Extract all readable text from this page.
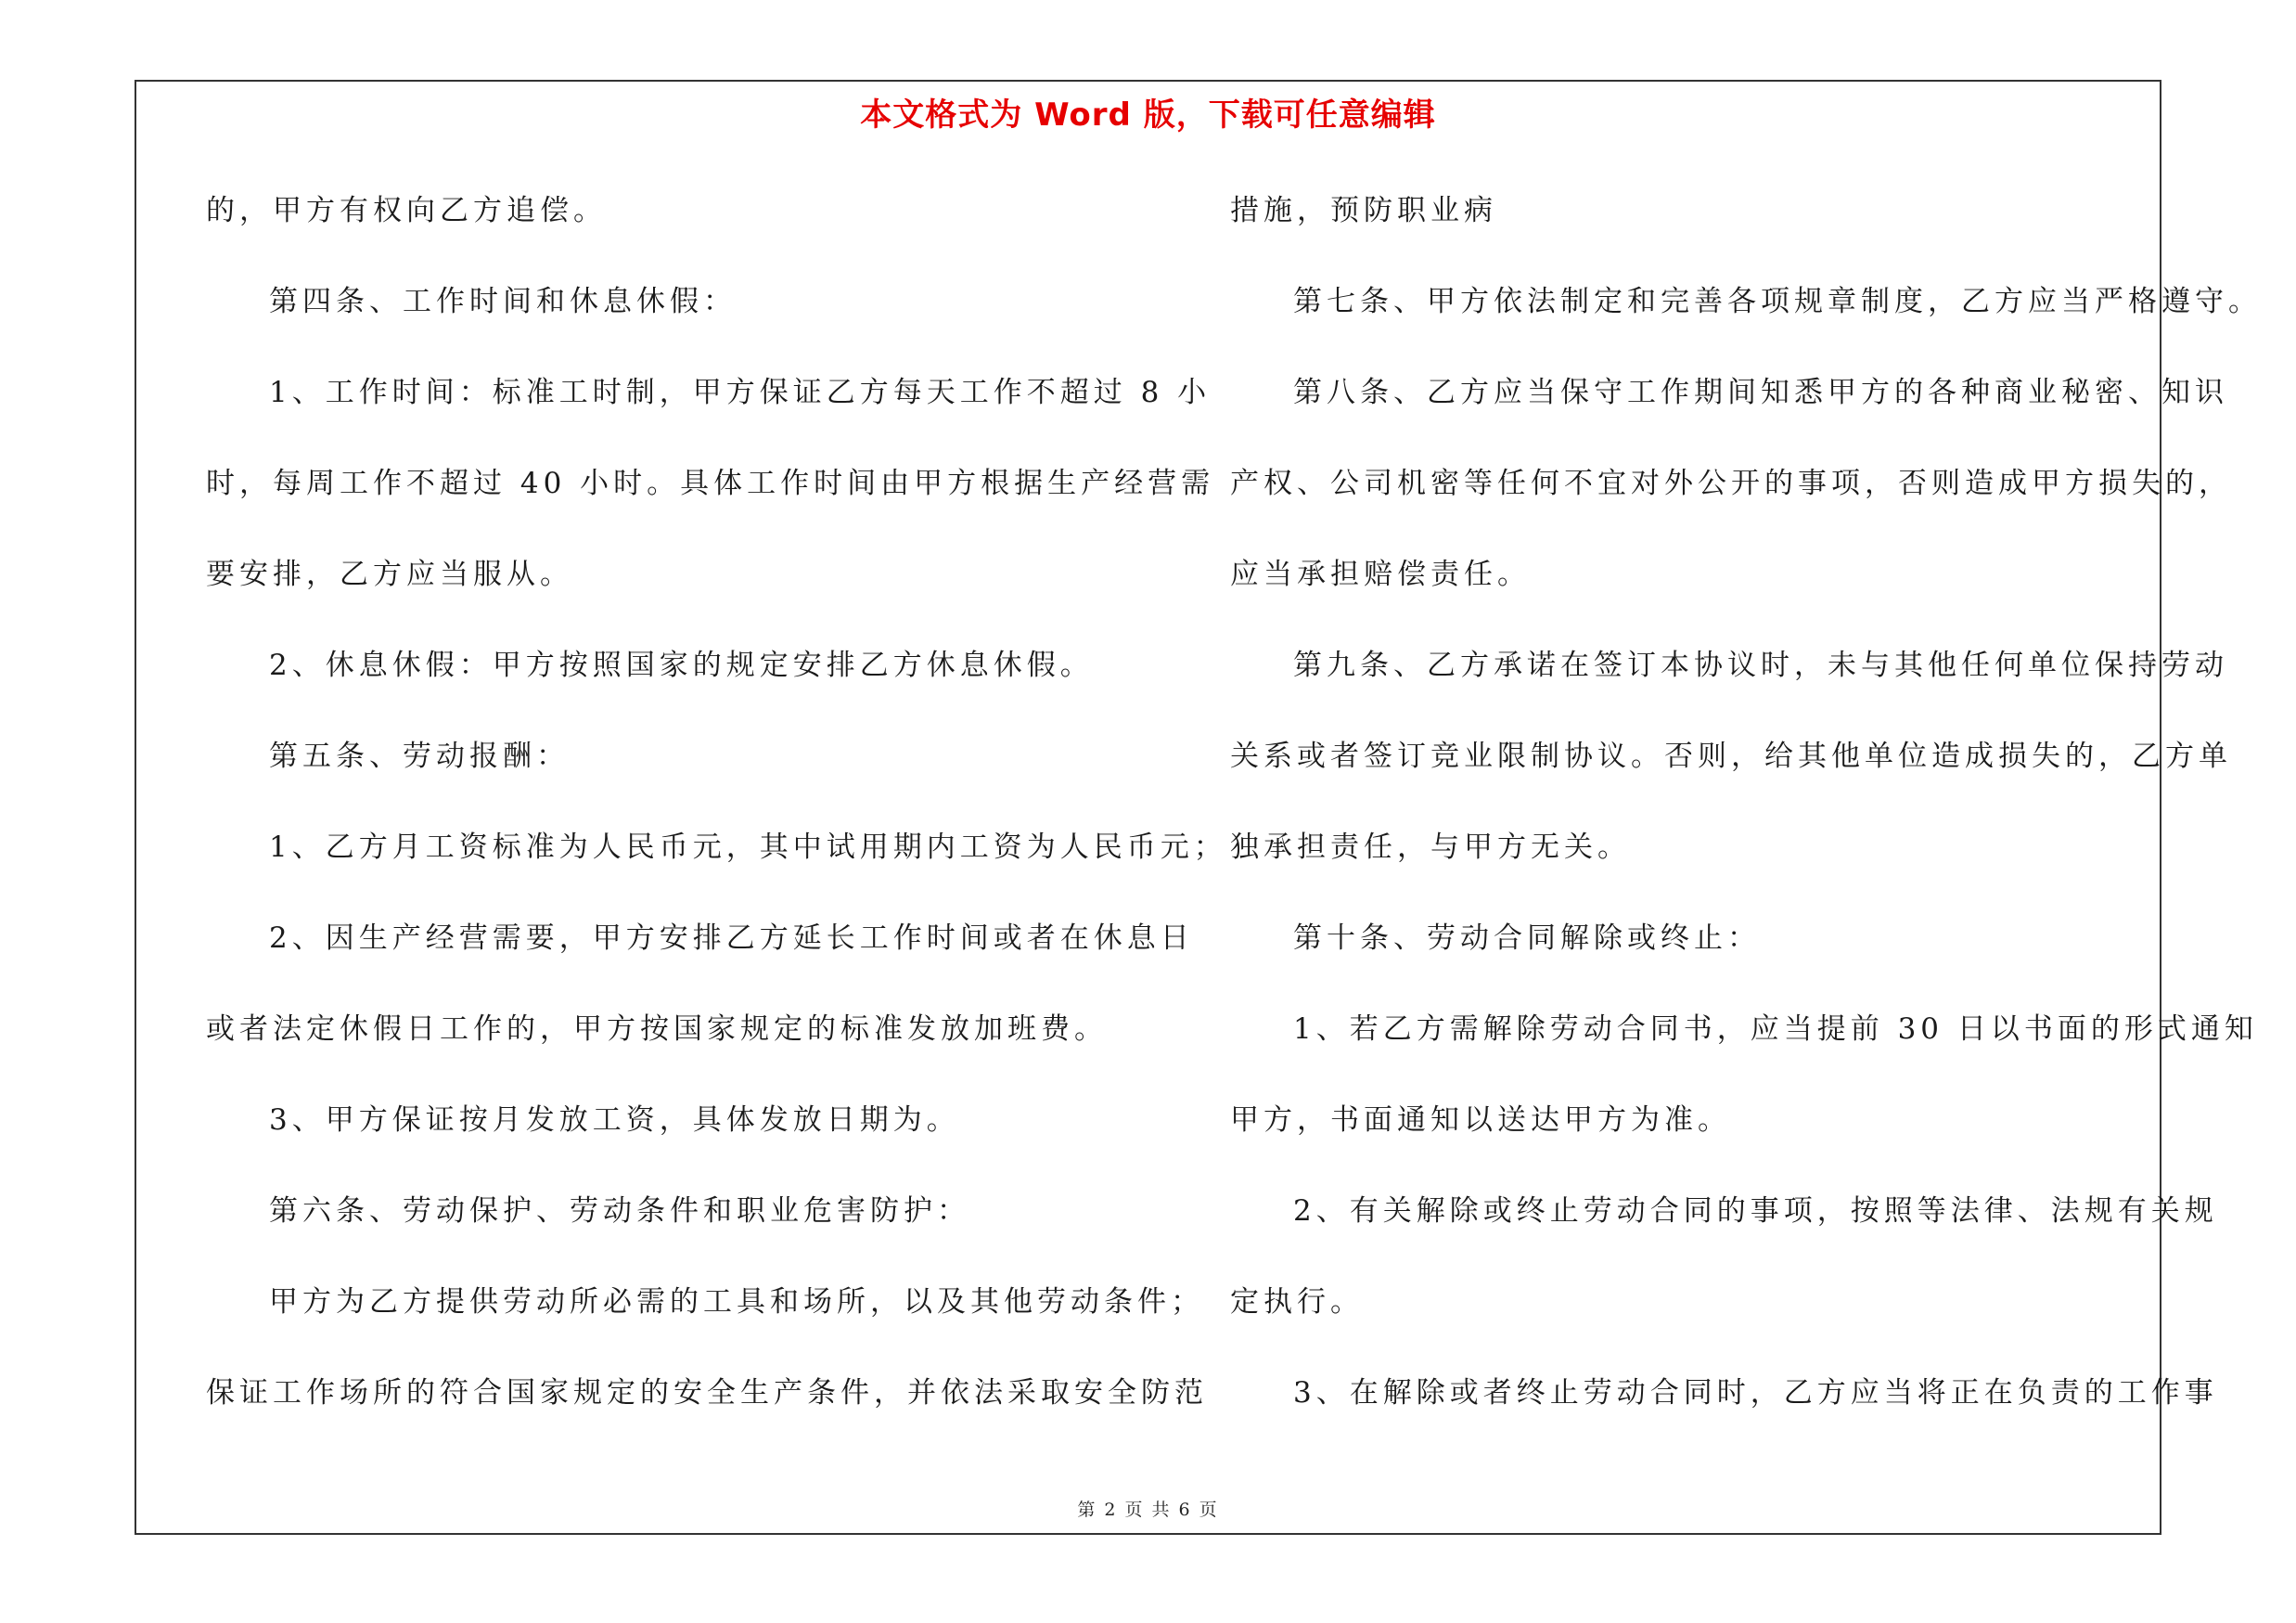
本文格式为 Word 版，下载可任意编辑
的，甲方有权向乙方追偿。
第四条、工作时间和休息休假：
1、工作时间：标准工时制，甲方保证乙方每天工作不超过 8 小
时，每周工作不超过 40 小时。具体工作时间由甲方根据生产经营需
要安排，乙方应当服从。
2、休息休假：甲方按照国家的规定安排乙方休息休假。
第五条、劳动报酬：
1、乙方月工资标准为人民币元，其中试用期内工资为人民币元；
2、因生产经营需要，甲方安排乙方延长工作时间或者在休息日
或者法定休假日工作的，甲方按国家规定的标准发放加班费。
3、甲方保证按月发放工资，具体发放日期为。
第六条、劳动保护、劳动条件和职业危害防护：
甲方为乙方提供劳动所必需的工具和场所，以及其他劳动条件；
保证工作场所的符合国家规定的安全生产条件，并依法采取安全防范
措施，预防职业病
第七条、甲方依法制定和完善各项规章制度，乙方应当严格遵守。
第八条、乙方应当保守工作期间知悉甲方的各种商业秘密、知识
产权、公司机密等任何不宜对外公开的事项，否则造成甲方损失的，
应当承担赔偿责任。
第九条、乙方承诺在签订本协议时，未与其他任何单位保持劳动
关系或者签订竞业限制协议。否则，给其他单位造成损失的，乙方单
独承担责任，与甲方无关。
第十条、劳动合同解除或终止：
1、若乙方需解除劳动合同书，应当提前 30 日以书面的形式通知
甲方，书面通知以送达甲方为准。
2、有关解除或终止劳动合同的事项，按照等法律、法规有关规
定执行。
3、在解除或者终止劳动合同时，乙方应当将正在负责的工作事
第 2 页 共 6 页
